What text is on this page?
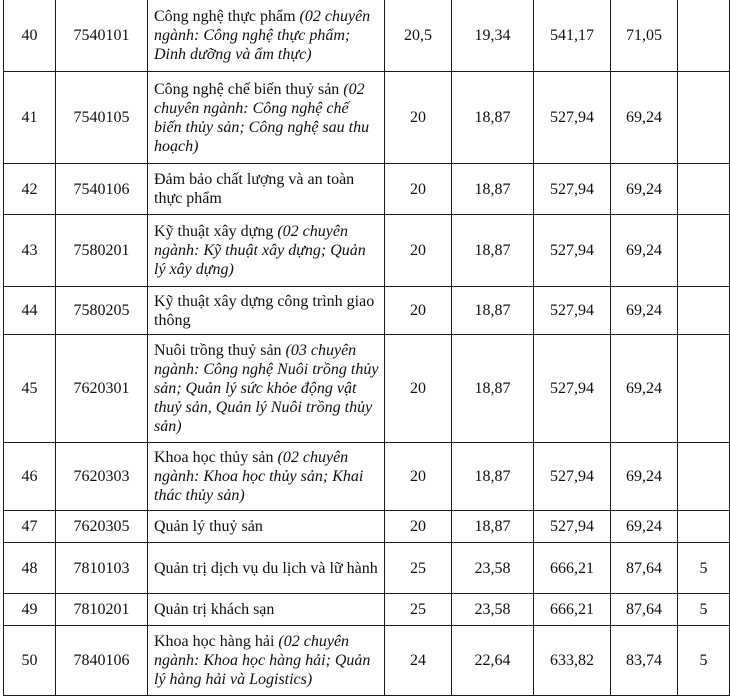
40	7540101	Công nghệ thực phẩm (02 chuyên ngành: Công nghệ thực phẩm; Dinh dưỡng và ẩm thực)	20,5	19,34	541,17	71,05	
41	7540105	Công nghệ chế biến thuỷ sản (02 chuyên ngành: Công nghệ chế biến thủy sản; Công nghệ sau thu hoạch)	20	18,87	527,94	69,24	
42	7540106	Đảm bảo chất lượng và an toàn thực phẩm	20	18,87	527,94	69,24	
43	7580201	Kỹ thuật xây dựng (02 chuyên ngành: Kỹ thuật xây dựng; Quản lý xây dựng)	20	18,87	527,94	69,24	
44	7580205	Kỹ thuật xây dựng công trình giao thông	20	18,87	527,94	69,24	
45	7620301	Nuôi trồng thuỷ sản (03 chuyên ngành: Công nghệ Nuôi trồng thủy sản; Quản lý sức khỏe động vật thuỷ sản, Quản lý Nuôi trồng thủy sản)	20	18,87	527,94	69,24	
46	7620303	Khoa học thủy sản (02 chuyên ngành: Khoa học thủy sản; Khai thác thủy sản)	20	18,87	527,94	69,24	
47	7620305	Quản lý thuỷ sản	20	18,87	527,94	69,24	
48	7810103	Quản trị dịch vụ du lịch và lữ hành	25	23,58	666,21	87,64	5
49	7810201	Quản trị khách sạn	25	23,58	666,21	87,64	5
50	7840106	Khoa học hàng hải (02 chuyên ngành: Khoa học hàng hải; Quản lý hàng hải và Logistics)	24	22,64	633,82	83,74	5
